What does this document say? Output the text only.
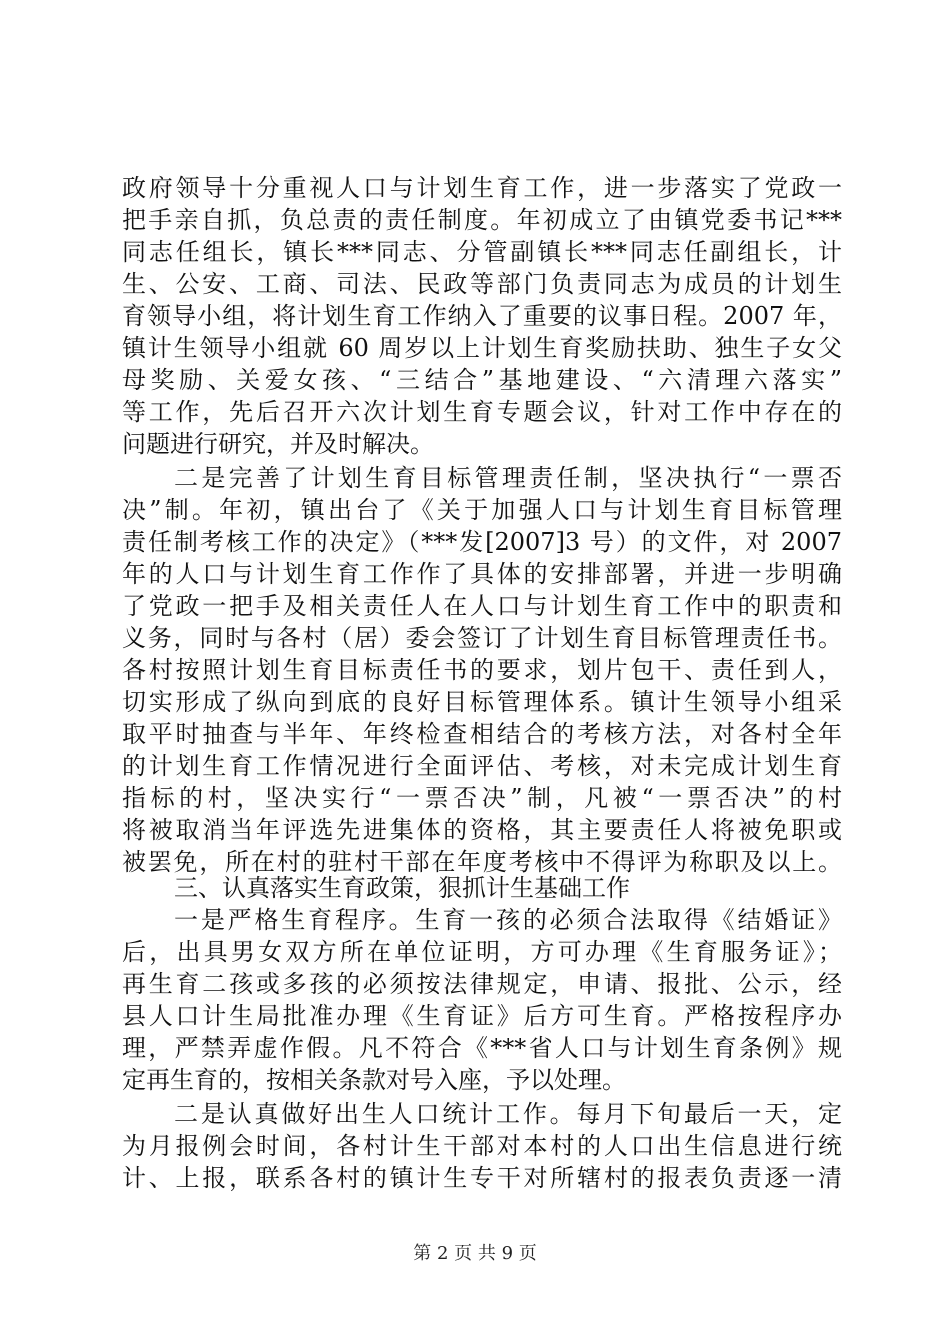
政府领导十分重视人口与计划生育工作，进一步落实了党政一
把手亲自抓，负总责的责任制度。年初成立了由镇党委书记***
同志任组长，镇长***同志、分管副镇长***同志任副组长，计
生、公安、工商、司法、民政等部门负责同志为成员的计划生
育领导小组，将计划生育工作纳入了重要的议事日程。2007 年，
镇计生领导小组就 60 周岁以上计划生育奖励扶助、独生子女父
母奖励、关爱女孩、“三结合”基地建设、“六清理六落实”
等工作，先后召开六次计划生育专题会议，针对工作中存在的
问题进行研究，并及时解决。
二是完善了计划生育目标管理责任制，坚决执行“一票否
决”制。年初，镇出台了《关于加强人口与计划生育目标管理
责任制考核工作的决定》（***发[2007]3 号）的文件，对 2007
年的人口与计划生育工作作了具体的安排部署，并进一步明确
了党政一把手及相关责任人在人口与计划生育工作中的职责和
义务，同时与各村（居）委会签订了计划生育目标管理责任书。
各村按照计划生育目标责任书的要求，划片包干、责任到人，
切实形成了纵向到底的良好目标管理体系。镇计生领导小组采
取平时抽查与半年、年终检查相结合的考核方法，对各村全年
的计划生育工作情况进行全面评估、考核，对未完成计划生育
指标的村，坚决实行“一票否决”制，凡被“一票否决”的村
将被取消当年评选先进集体的资格，其主要责任人将被免职或
被罢免，所在村的驻村干部在年度考核中不得评为称职及以上。
三、认真落实生育政策，狠抓计生基础工作
一是严格生育程序。生育一孩的必须合法取得《结婚证》
后，出具男女双方所在单位证明，方可办理《生育服务证》；
再生育二孩或多孩的必须按法律规定，申请、报批、公示，经
县人口计生局批准办理《生育证》后方可生育。严格按程序办
理，严禁弄虚作假。凡不符合《***省人口与计划生育条例》规
定再生育的，按相关条款对号入座，予以处理。
二是认真做好出生人口统计工作。每月下旬最后一天，定
为月报例会时间，各村计生干部对本村的人口出生信息进行统
计、上报，联系各村的镇计生专干对所辖村的报表负责逐一清
第 2 页 共 9 页
